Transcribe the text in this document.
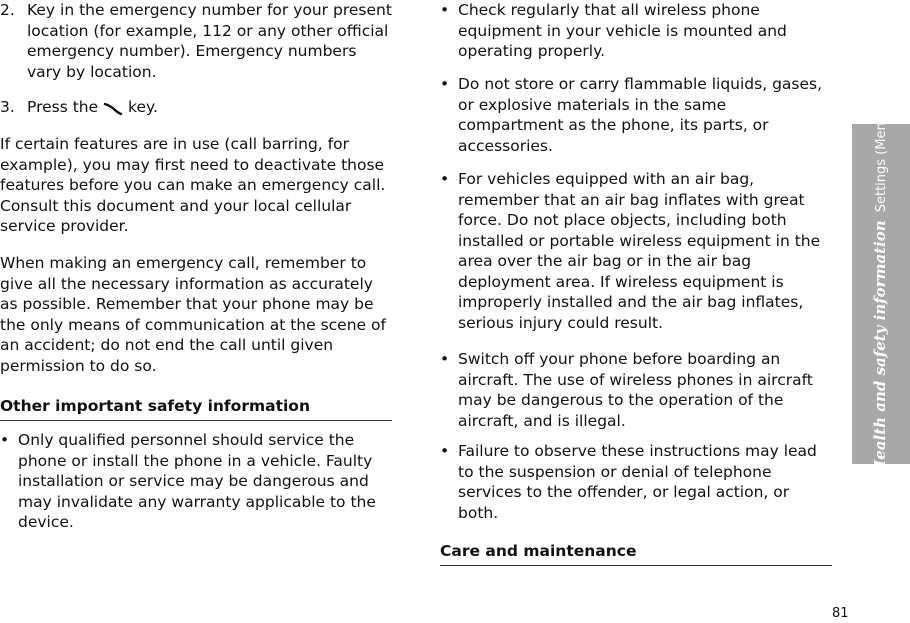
2. Key in the emergency number for your present location (for example, 112 or any other official emergency number). Emergency numbers vary by location.
3. Press the key.
If certain features are in use (call barring, for example), you may first need to deactivate those features before you can make an emergency call. Consult this document and your local cellular service provider.
When making an emergency call, remember to give all the necessary information as accurately as possible. Remember that your phone may be the only means of communication at the scene of an accident; do not end the call until given permission to do so.
Other important safety information
• Only qualified personnel should service the phone or install the phone in a vehicle. Faulty installation or service may be dangerous and may invalidate any warranty applicable to the device.
• Check regularly that all wireless phone equipment in your vehicle is mounted and operating properly.
• Do not store or carry flammable liquids, gases, or explosive materials in the same compartment as the phone, its parts, or accessories.
• For vehicles equipped with an air bag, remember that an air bag inflates with great force. Do not place objects, including both installed or portable wireless equipment in the area over the air bag or in the air bag deployment area. If wireless equipment is improperly installed and the air bag inflates, serious injury could result.
• Switch off your phone before boarding an aircraft. The use of wireless phones in aircraft may be dangerous to the operation of the aircraft, and is illegal.
• Failure to observe these instructions may lead to the suspension or denial of telephone services to the offender, or legal action, or both.
Care and maintenance
Health and safety informationSettings (Menu
81
